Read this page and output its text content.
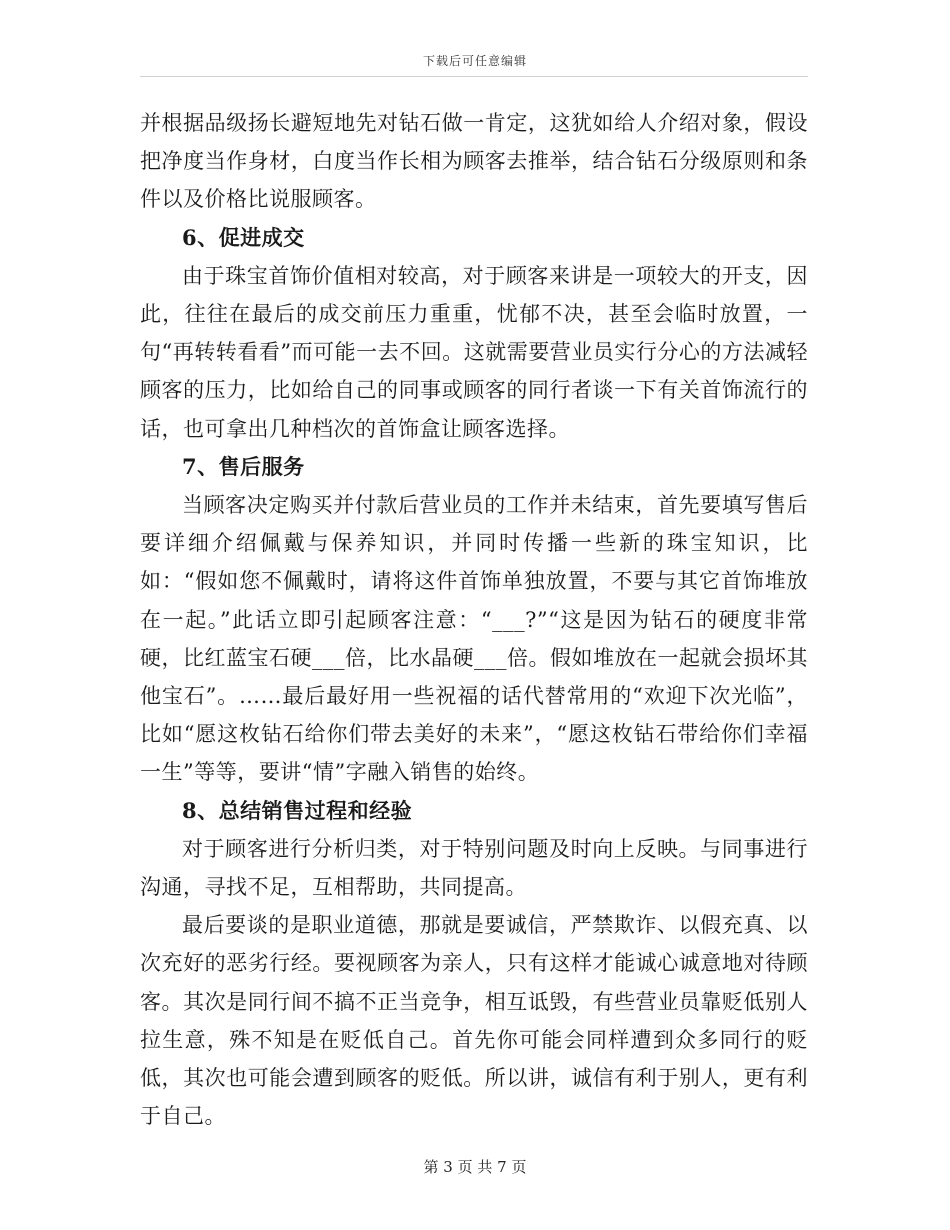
下载后可任意编辑

并根据品级扬长避短地先对钻石做一肯定，这犹如给人介绍对象，假设把净度当作身材，白度当作长相为顾客去推举，结合钻石分级原则和条件以及价格比说服顾客。

6、促进成交

由于珠宝首饰价值相对较高，对于顾客来讲是一项较大的开支，因此，往往在最后的成交前压力重重，忧郁不决，甚至会临时放置，一句“再转转看看”而可能一去不回。这就需要营业员实行分心的方法减轻顾客的压力，比如给自己的同事或顾客的同行者谈一下有关首饰流行的话，也可拿出几种档次的首饰盒让顾客选择。

7、售后服务

当顾客决定购买并付款后营业员的工作并未结束，首先要填写售后要详细介绍佩戴与保养知识，并同时传播一些新的珠宝知识，比如：“假如您不佩戴时，请将这件首饰单独放置，不要与其它首饰堆放在一起。”此话立即引起顾客注意：“___?”“这是因为钻石的硬度非常硬，比红蓝宝石硬___倍，比水晶硬___倍。假如堆放在一起就会损坏其他宝石”。……最后最好用一些祝福的话代替常用的“欢迎下次光临”，比如“愿这枚钻石给你们带去美好的未来”，“愿这枚钻石带给你们幸福一生”等等，要讲“情”字融入销售的始终。

8、总结销售过程和经验

对于顾客进行分析归类，对于特别问题及时向上反映。与同事进行沟通，寻找不足，互相帮助，共同提高。

最后要谈的是职业道德，那就是要诚信，严禁欺诈、以假充真、以次充好的恶劣行经。要视顾客为亲人，只有这样才能诚心诚意地对待顾客。其次是同行间不搞不正当竞争，相互诋毁，有些营业员靠贬低别人拉生意，殊不知是在贬低自己。首先你可能会同样遭到众多同行的贬低，其次也可能会遭到顾客的贬低。所以讲，诚信有利于别人，更有利于自己。

第 3 页 共 7 页
